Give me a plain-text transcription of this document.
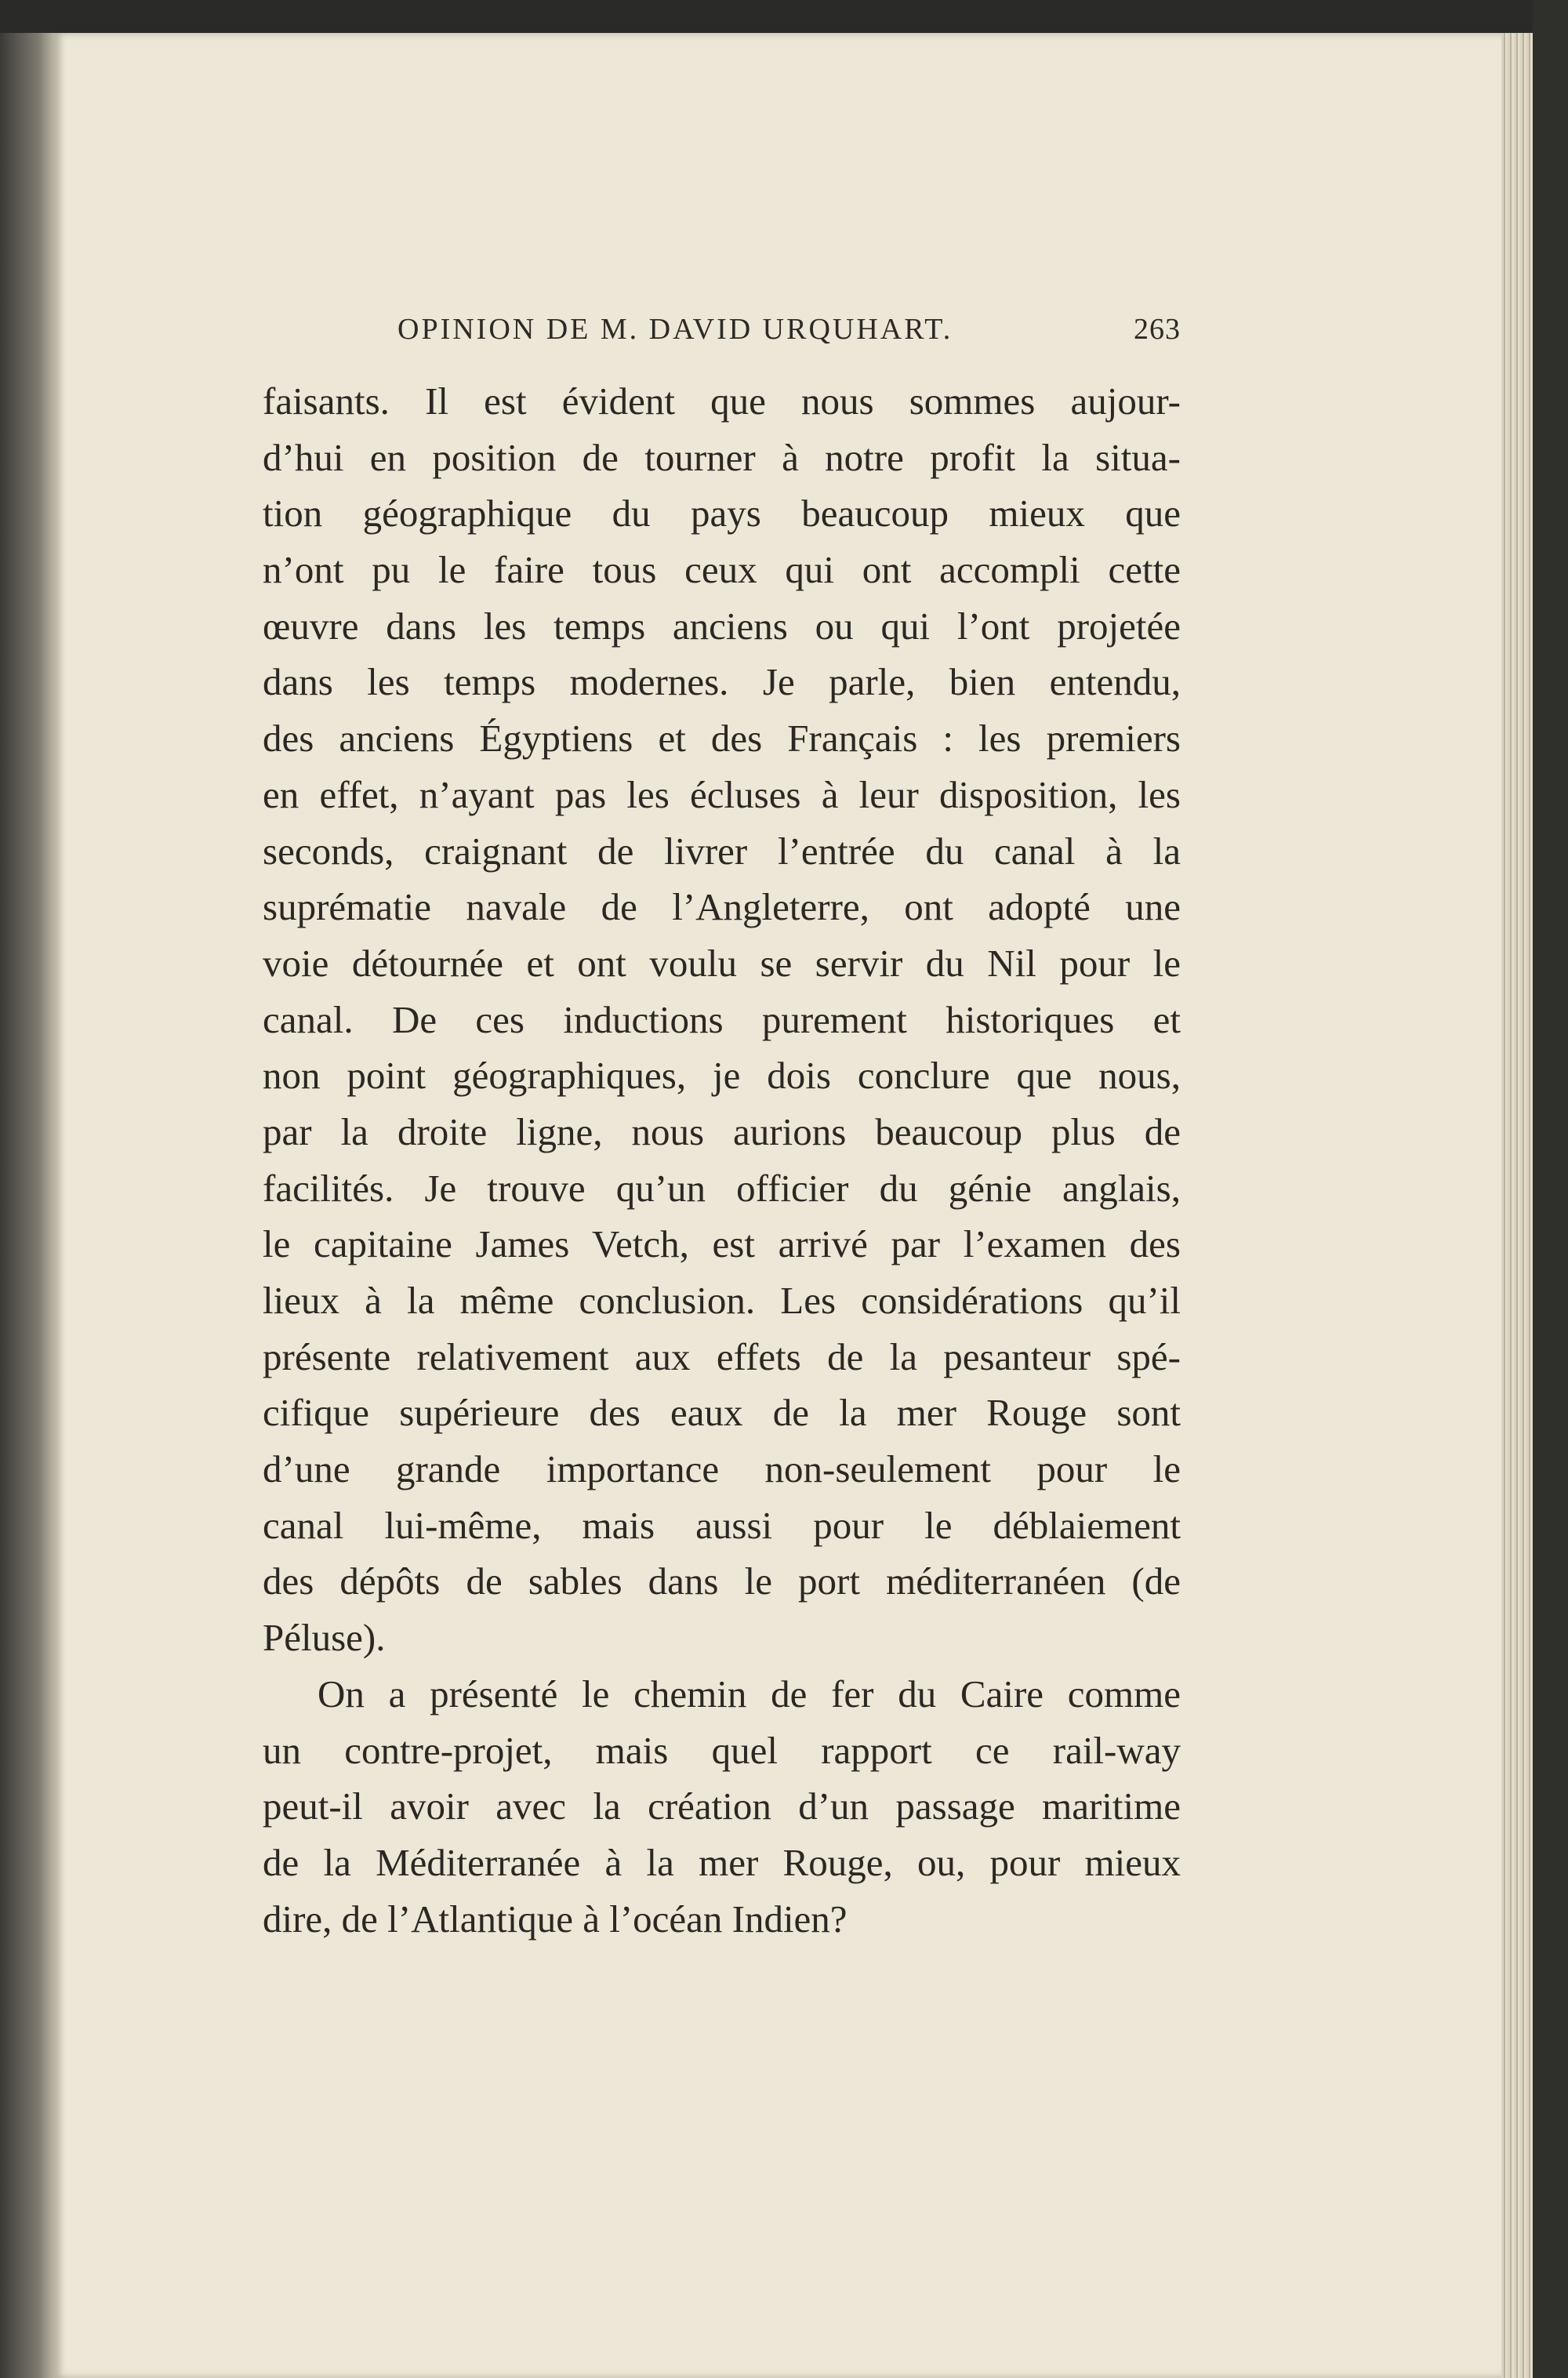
OPINION DE M. DAVID URQUHART.	263
faisants. Il est évident que nous sommes aujour-
d’hui en position de tourner à notre profit la situa-
tion géographique du pays beaucoup mieux que
n’ont pu le faire tous ceux qui ont accompli cette
œuvre dans les temps anciens ou qui l’ont projetée
dans les temps modernes. Je parle, bien entendu,
des anciens Égyptiens et des Français : les premiers
en effet, n’ayant pas les écluses à leur disposition, les
seconds, craignant de livrer l’entrée du canal à la
suprématie navale de l’Angleterre, ont adopté une
voie détournée et ont voulu se servir du Nil pour le
canal. De ces inductions purement historiques et
non point géographiques, je dois conclure que nous,
par la droite ligne, nous aurions beaucoup plus de
facilités. Je trouve qu’un officier du génie anglais,
le capitaine James Vetch, est arrivé par l’examen des
lieux à la même conclusion. Les considérations qu’il
présente relativement aux effets de la pesanteur spé-
cifique supérieure des eaux de la mer Rouge sont
d’une grande importance non-seulement pour le
canal lui-même, mais aussi pour le déblaiement
des dépôts de sables dans le port méditerranéen (de
Péluse).
On a présenté le chemin de fer du Caire comme
un contre-projet, mais quel rapport ce rail-way
peut-il avoir avec la création d’un passage maritime
de la Méditerranée à la mer Rouge, ou, pour mieux
dire, de l’Atlantique à l’océan Indien?
